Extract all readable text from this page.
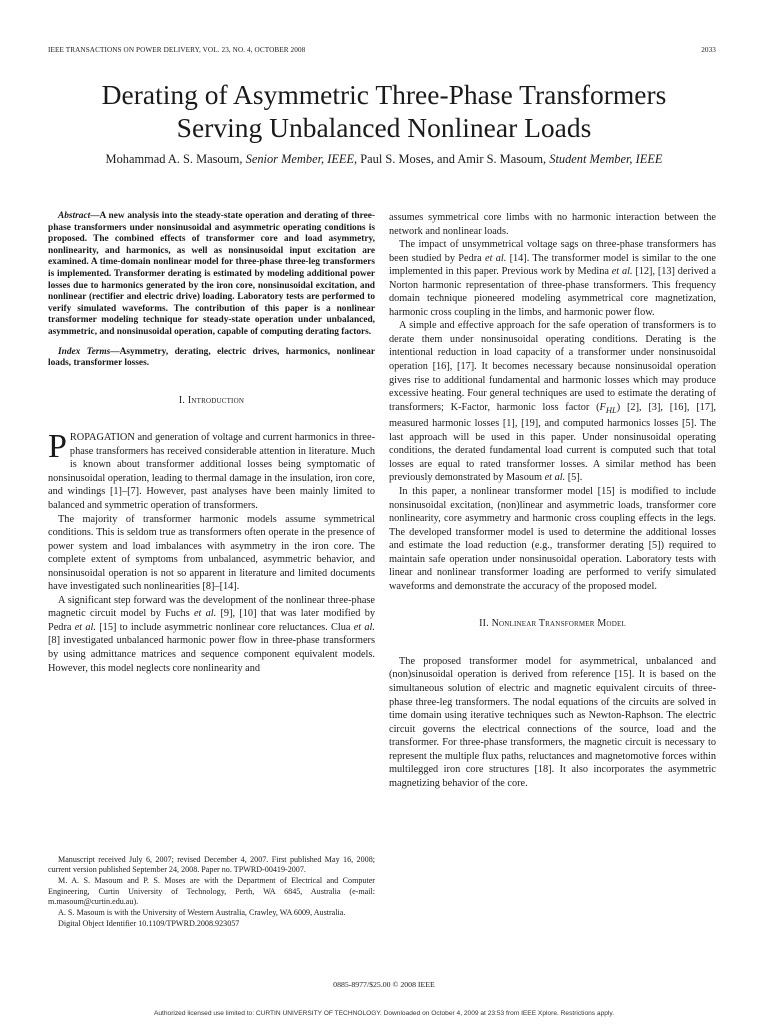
IEEE TRANSACTIONS ON POWER DELIVERY, VOL. 23, NO. 4, OCTOBER 2008	2033
Derating of Asymmetric Three-Phase Transformers
Serving Unbalanced Nonlinear Loads
Mohammad A. S. Masoum, Senior Member, IEEE, Paul S. Moses, and Amir S. Masoum, Student Member, IEEE

Abstract—A new analysis into the steady-state operation and derating of three-phase transformers under nonsinusoidal and asymmetric operating conditions is proposed. The combined effects of transformer core and load asymmetry, nonlinearity, and harmonics, as well as nonsinusoidal input excitation are examined. A time-domain nonlinear model for three-phase three-leg transformers is implemented. Transformer derating is estimated by modeling additional power losses due to harmonics generated by the iron core, nonsinusoidal excitation, and nonlinear (rectifier and electric drive) loading. Laboratory tests are performed to verify simulated waveforms. The contribution of this paper is a nonlinear transformer modeling technique for steady-state operation under unbalanced, asymmetric, and nonsinusoidal operation, capable of computing derating factors.

Index Terms—Asymmetry, derating, electric drives, harmonics, nonlinear loads, transformer losses.

I. Introduction

PROPAGATION and generation of voltage and current harmonics in three-phase transformers has received considerable attention in literature. Much is known about transformer additional losses being symptomatic of nonsinusoidal operation, leading to thermal damage in the insulation, iron core, and windings [1]–[7]. However, past analyses have been mainly limited to balanced and symmetric operation of transformers.

The majority of transformer harmonic models assume symmetrical conditions. This is seldom true as transformers often operate in the presence of power system and load imbalances with asymmetry in the iron core. The complete extent of symptoms from unbalanced, asymmetric behavior, and nonsinusoidal operation is not so apparent in literature and limited documents have investigated such nonlinearities [8]–[14].

A significant step forward was the development of the nonlinear three-phase magnetic circuit model by Fuchs et al. [9], [10] that was later modified by Pedra et al. [15] to include asymmetric nonlinear core reluctances. Clua et al. [8] investigated unbalanced harmonic power flow in three-phase transformers by using admittance matrices and sequence component equivalent models. However, this model neglects core nonlinearity and

Manuscript received July 6, 2007; revised December 4, 2007. First published May 16, 2008; current version published September 24, 2008. Paper no. TPWRD-00419-2007.

M. A. S. Masoum and P. S. Moses are with the Department of Electrical and Computer Engineering, Curtin University of Technology, Perth, WA 6845, Australia (e-mail: m.masoum@curtin.edu.au).

A. S. Masoum is with the University of Western Australia, Crawley, WA 6009, Australia.

Digital Object Identifier 10.1109/TPWRD.2008.923057

assumes symmetrical core limbs with no harmonic interaction between the network and nonlinear loads.

The impact of unsymmetrical voltage sags on three-phase transformers has been studied by Pedra et al. [14]. The transformer model is similar to the one implemented in this paper. Previous work by Medina et al. [12], [13] derived a Norton harmonic representation of three-phase transformers. This frequency domain technique pioneered modeling asymmetrical core magnetization, harmonic cross coupling in the limbs, and harmonic power flow.

A simple and effective approach for the safe operation of transformers is to derate them under nonsinusoidal operating conditions. Derating is the intentional reduction in load capacity of a transformer under nonsinusoidal operation [16], [17]. It becomes necessary because nonsinusoidal operation gives rise to additional fundamental and harmonic losses which may produce excessive heating. Four general techniques are used to estimate the derating of transformers; K-Factor, harmonic loss factor $(F_{HL})$ [2], [3], [16], [17], measured harmonic losses [1], [19], and computed harmonics losses [5]. The last approach will be used in this paper. Under nonsinusoidal operating conditions, the derated fundamental load current is computed such that total losses are equal to rated transformer losses. A similar method has been previously demonstrated by Masoum et al. [5].

In this paper, a nonlinear transformer model [15] is modified to include nonsinusoidal excitation, (non)linear and asymmetric loads, transformer core nonlinearity, core asymmetry and harmonic cross coupling effects in the legs. The developed transformer model is used to determine the additional losses and estimate the load reduction (e.g., transformer derating [5]) required to maintain safe operation under nonsinusoidal operation. Laboratory tests with linear and nonlinear transformer loading are performed to verify simulated waveforms and demonstrate the accuracy of the proposed model.

II. Nonlinear Transformer Model

The proposed transformer model for asymmetrical, unbalanced and (non)sinusoidal operation is derived from reference [15]. It is based on the simultaneous solution of electric and magnetic equivalent circuits of three-phase three-leg transformers. The nodal equations of the circuits are solved in time domain using iterative techniques such as Newton-Raphson. The electric circuit governs the electrical connections of the source, load and the transformer. For three-phase transformers, the magnetic circuit is necessary to represent the multiple flux paths, reluctances and magnetomotive forces within multilegged iron core structures [18]. It also incorporates the asymmetric magnetizing behavior of the core.

0885-8977/$25.00 © 2008 IEEE
Authorized licensed use limited to: CURTIN UNIVERSITY OF TECHNOLOGY. Downloaded on October 4, 2009 at 23:53 from IEEE Xplore. Restrictions apply.
